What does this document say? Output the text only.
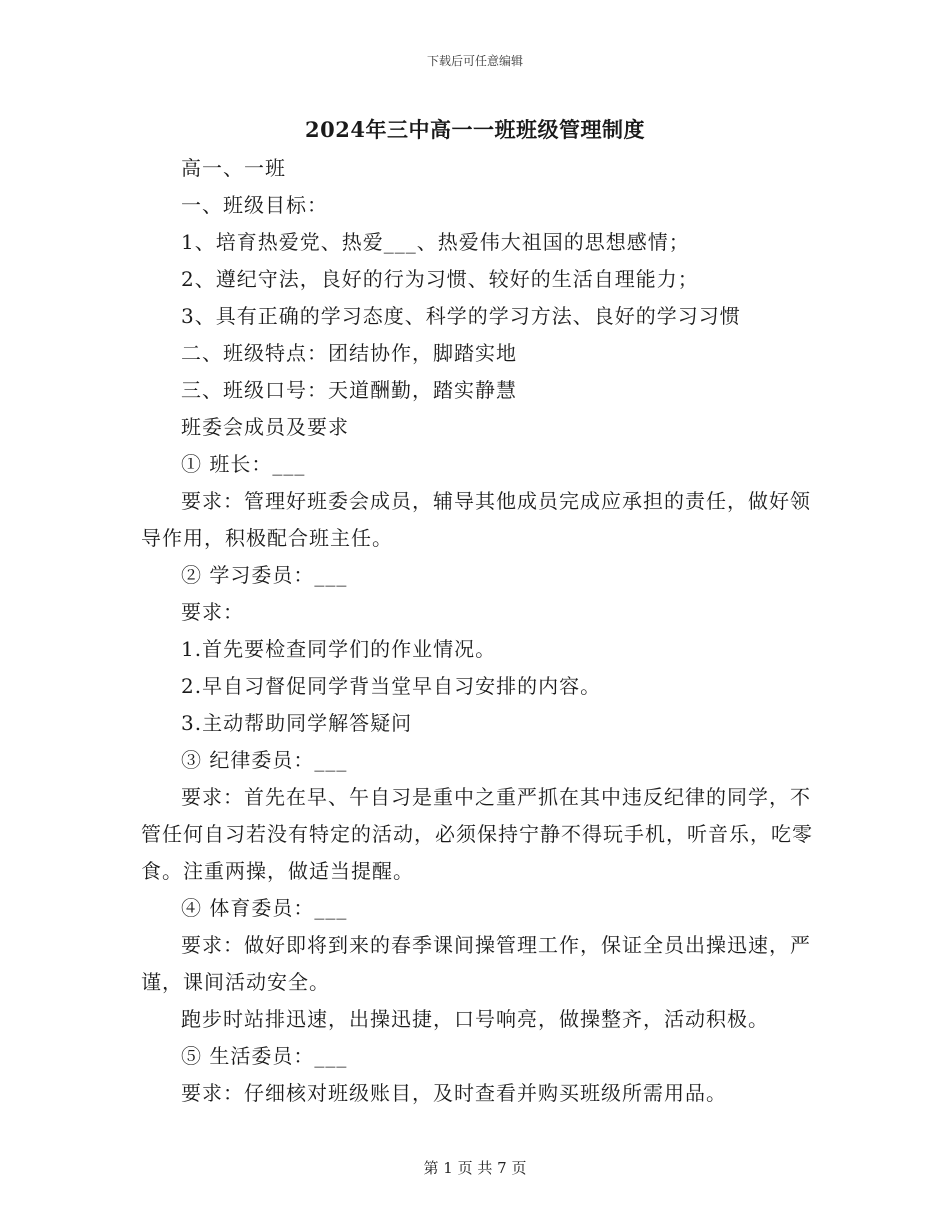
下载后可任意编辑
2024年三中高一一班班级管理制度

高一、一班

一、班级目标：

1、培育热爱党、热爱___、热爱伟大祖国的思想感情；

2、遵纪守法，良好的行为习惯、较好的生活自理能力；

3、具有正确的学习态度、科学的学习方法、良好的学习习惯

二、班级特点：团结协作，脚踏实地

三、班级口号：天道酬勤，踏实静慧

班委会成员及要求

① 班长：___

要求：管理好班委会成员，辅导其他成员完成应承担的责任，做好领导作用，积极配合班主任。

② 学习委员：___

要求：

1.首先要检查同学们的作业情况。

2.早自习督促同学背当堂早自习安排的内容。

3.主动帮助同学解答疑问

③ 纪律委员：___

要求：首先在早、午自习是重中之重严抓在其中违反纪律的同学，不管任何自习若没有特定的活动，必须保持宁静不得玩手机，听音乐，吃零食。注重两操，做适当提醒。

④ 体育委员：___

要求：做好即将到来的春季课间操管理工作，保证全员出操迅速，严谨，课间活动安全。

跑步时站排迅速，出操迅捷，口号响亮，做操整齐，活动积极。

⑤ 生活委员：___

要求：仔细核对班级账目，及时查看并购买班级所需用品。

第 1 页 共 7 页
